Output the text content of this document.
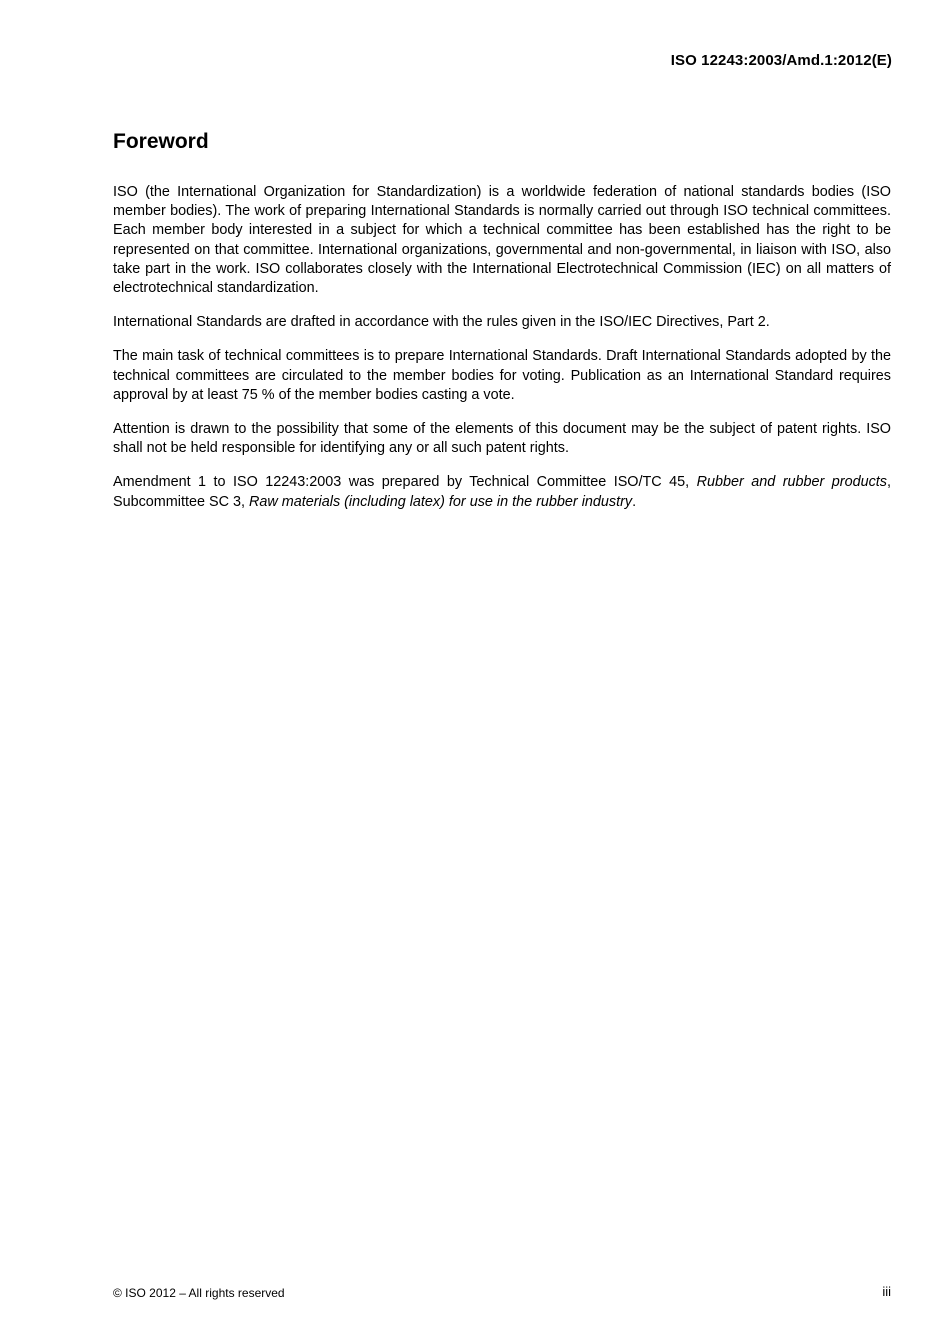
ISO 12243:2003/Amd.1:2012(E)
Foreword

ISO (the International Organization for Standardization) is a worldwide federation of national standards bodies (ISO member bodies). The work of preparing International Standards is normally carried out through ISO technical committees. Each member body interested in a subject for which a technical committee has been established has the right to be represented on that committee. International organizations, governmental and non-governmental, in liaison with ISO, also take part in the work. ISO collaborates closely with the International Electrotechnical Commission (IEC) on all matters of electrotechnical standardization.

International Standards are drafted in accordance with the rules given in the ISO/IEC Directives, Part 2.

The main task of technical committees is to prepare International Standards. Draft International Standards adopted by the technical committees are circulated to the member bodies for voting. Publication as an International Standard requires approval by at least 75 % of the member bodies casting a vote.

Attention is drawn to the possibility that some of the elements of this document may be the subject of patent rights. ISO shall not be held responsible for identifying any or all such patent rights.

Amendment 1 to ISO 12243:2003 was prepared by Technical Committee ISO/TC 45, Rubber and rubber products, Subcommittee SC 3, Raw materials (including latex) for use in the rubber industry.

© ISO 2012 – All rights reserved	iii
